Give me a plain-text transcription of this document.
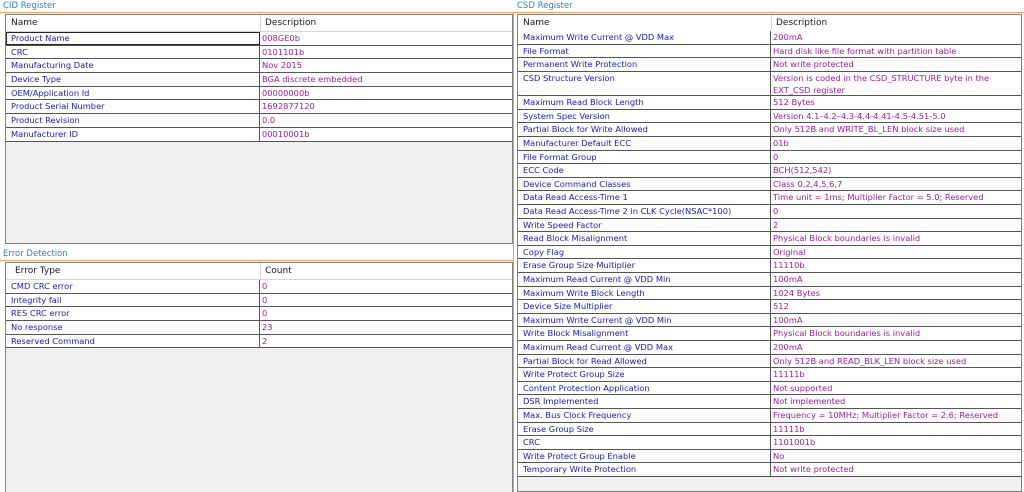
CID Register
Name	Description
Product Name	008GE0b
CRC	0101101b
Manufacturing Date	Nov 2015
Device Type	BGA discrete embedded
OEM/Application Id	00000000b
Product Serial Number	1692877120
Product Revision	0.0
Manufacturer ID	00010001b
Error Detection
Error Type	Count
CMD CRC error	0
Integrity fail	0
RES CRC error	0
No response	23
Reserved Command	2
CSD Register
Name	Description
Maximum Write Current @ VDD Max	200mA
File Format	Hard disk like file format with partition table
Permanent Write Protection	Not write protected
CSD Structure Version	Version is coded in the CSD_STRUCTURE byte in the EXT_CSD register
Maximum Read Block Length	512 Bytes
System Spec Version	Version 4.1–4.2–4.3-4.4-4.41-4.5-4.51-5.0
Partial Block for Write Allowed	Only 512B and WRITE_BL_LEN block size used
Manufacturer Default ECC	01b
File Format Group	0
ECC Code	BCH(512,542)
Device Command Classes	Class 0,2,4,5,6,7
Data Read Access-Time 1	Time unit = 1ms; Multiplier Factor = 5.0; Reserved
Data Read Access-Time 2 in CLK Cycle(NSAC*100)	0
Write Speed Factor	2
Read Block Misalignment	Physical Block boundaries is invalid
Copy Flag	Original
Erase Group Size Multiplier	11110b
Maximum Read Current @ VDD Min	100mA
Maximum Write Block Length	1024 Bytes
Device Size Multiplier	512
Maximum Write Current @ VDD Min	100mA
Write Block Misalignment	Physical Block boundaries is invalid
Maximum Read Current @ VDD Max	200mA
Partial Block for Read Allowed	Only 512B and READ_BLK_LEN block size used
Write Protect Group Size	11111b
Content Protection Application	Not supported
DSR Implemented	Not implemented
Max. Bus Clock Frequency	Frequency = 10MHz; Multiplier Factor = 2.6; Reserved
Erase Group Size	11111b
CRC	1101001b
Write Protect Group Enable	No
Temporary Write Protection	Not write protected
